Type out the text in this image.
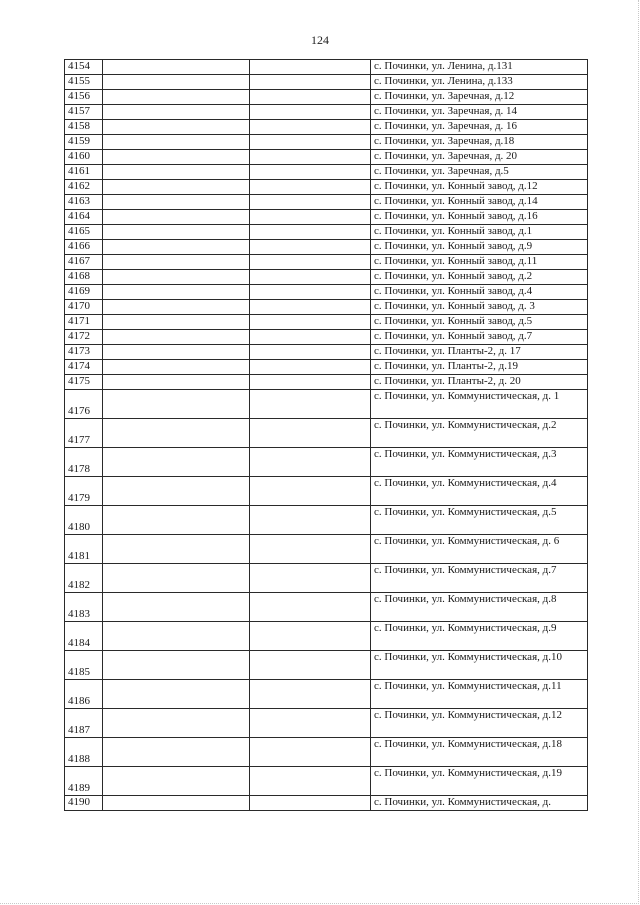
124
4154			с. Починки, ул. Ленина, д.131
4155			с. Починки, ул. Ленина, д.133
4156			с. Починки, ул. Заречная, д.12
4157			с. Починки, ул. Заречная, д. 14
4158			с. Починки, ул. Заречная, д. 16
4159			с. Починки, ул. Заречная, д.18
4160			с. Починки, ул. Заречная, д. 20
4161			с. Починки, ул. Заречная, д.5
4162			с. Починки, ул. Конный завод, д.12
4163			с. Починки, ул. Конный завод, д.14
4164			с. Починки, ул. Конный завод, д.16
4165			с. Починки, ул. Конный завод, д.1
4166			с. Починки, ул. Конный завод, д.9
4167			с. Починки, ул. Конный завод, д.11
4168			с. Починки, ул. Конный завод, д.2
4169			с. Починки, ул. Конный завод, д.4
4170			с. Починки, ул. Конный завод, д. 3
4171			с. Починки, ул. Конный завод, д.5
4172			с. Починки, ул. Конный завод, д.7
4173			с. Починки, ул. Планты-2, д. 17
4174			с. Починки, ул. Планты-2, д.19
4175			с. Починки, ул. Планты-2, д. 20
4176			с. Починки, ул. Коммунистическая, д. 1
4177			с. Починки, ул. Коммунистическая, д.2
4178			с. Починки, ул. Коммунистическая, д.3
4179			с. Починки, ул. Коммунистическая, д.4
4180			с. Починки, ул. Коммунистическая, д.5
4181			с. Починки, ул. Коммунистическая, д. 6
4182			с. Починки, ул. Коммунистическая, д.7
4183			с. Починки, ул. Коммунистическая, д.8
4184			с. Починки, ул. Коммунистическая, д.9
4185			с. Починки, ул. Коммунистическая, д.10
4186			с. Починки, ул. Коммунистическая, д.11
4187			с. Починки, ул. Коммунистическая, д.12
4188			с. Починки, ул. Коммунистическая, д.18
4189			с. Починки, ул. Коммунистическая, д.19
4190			с. Починки, ул. Коммунистическая, д.
